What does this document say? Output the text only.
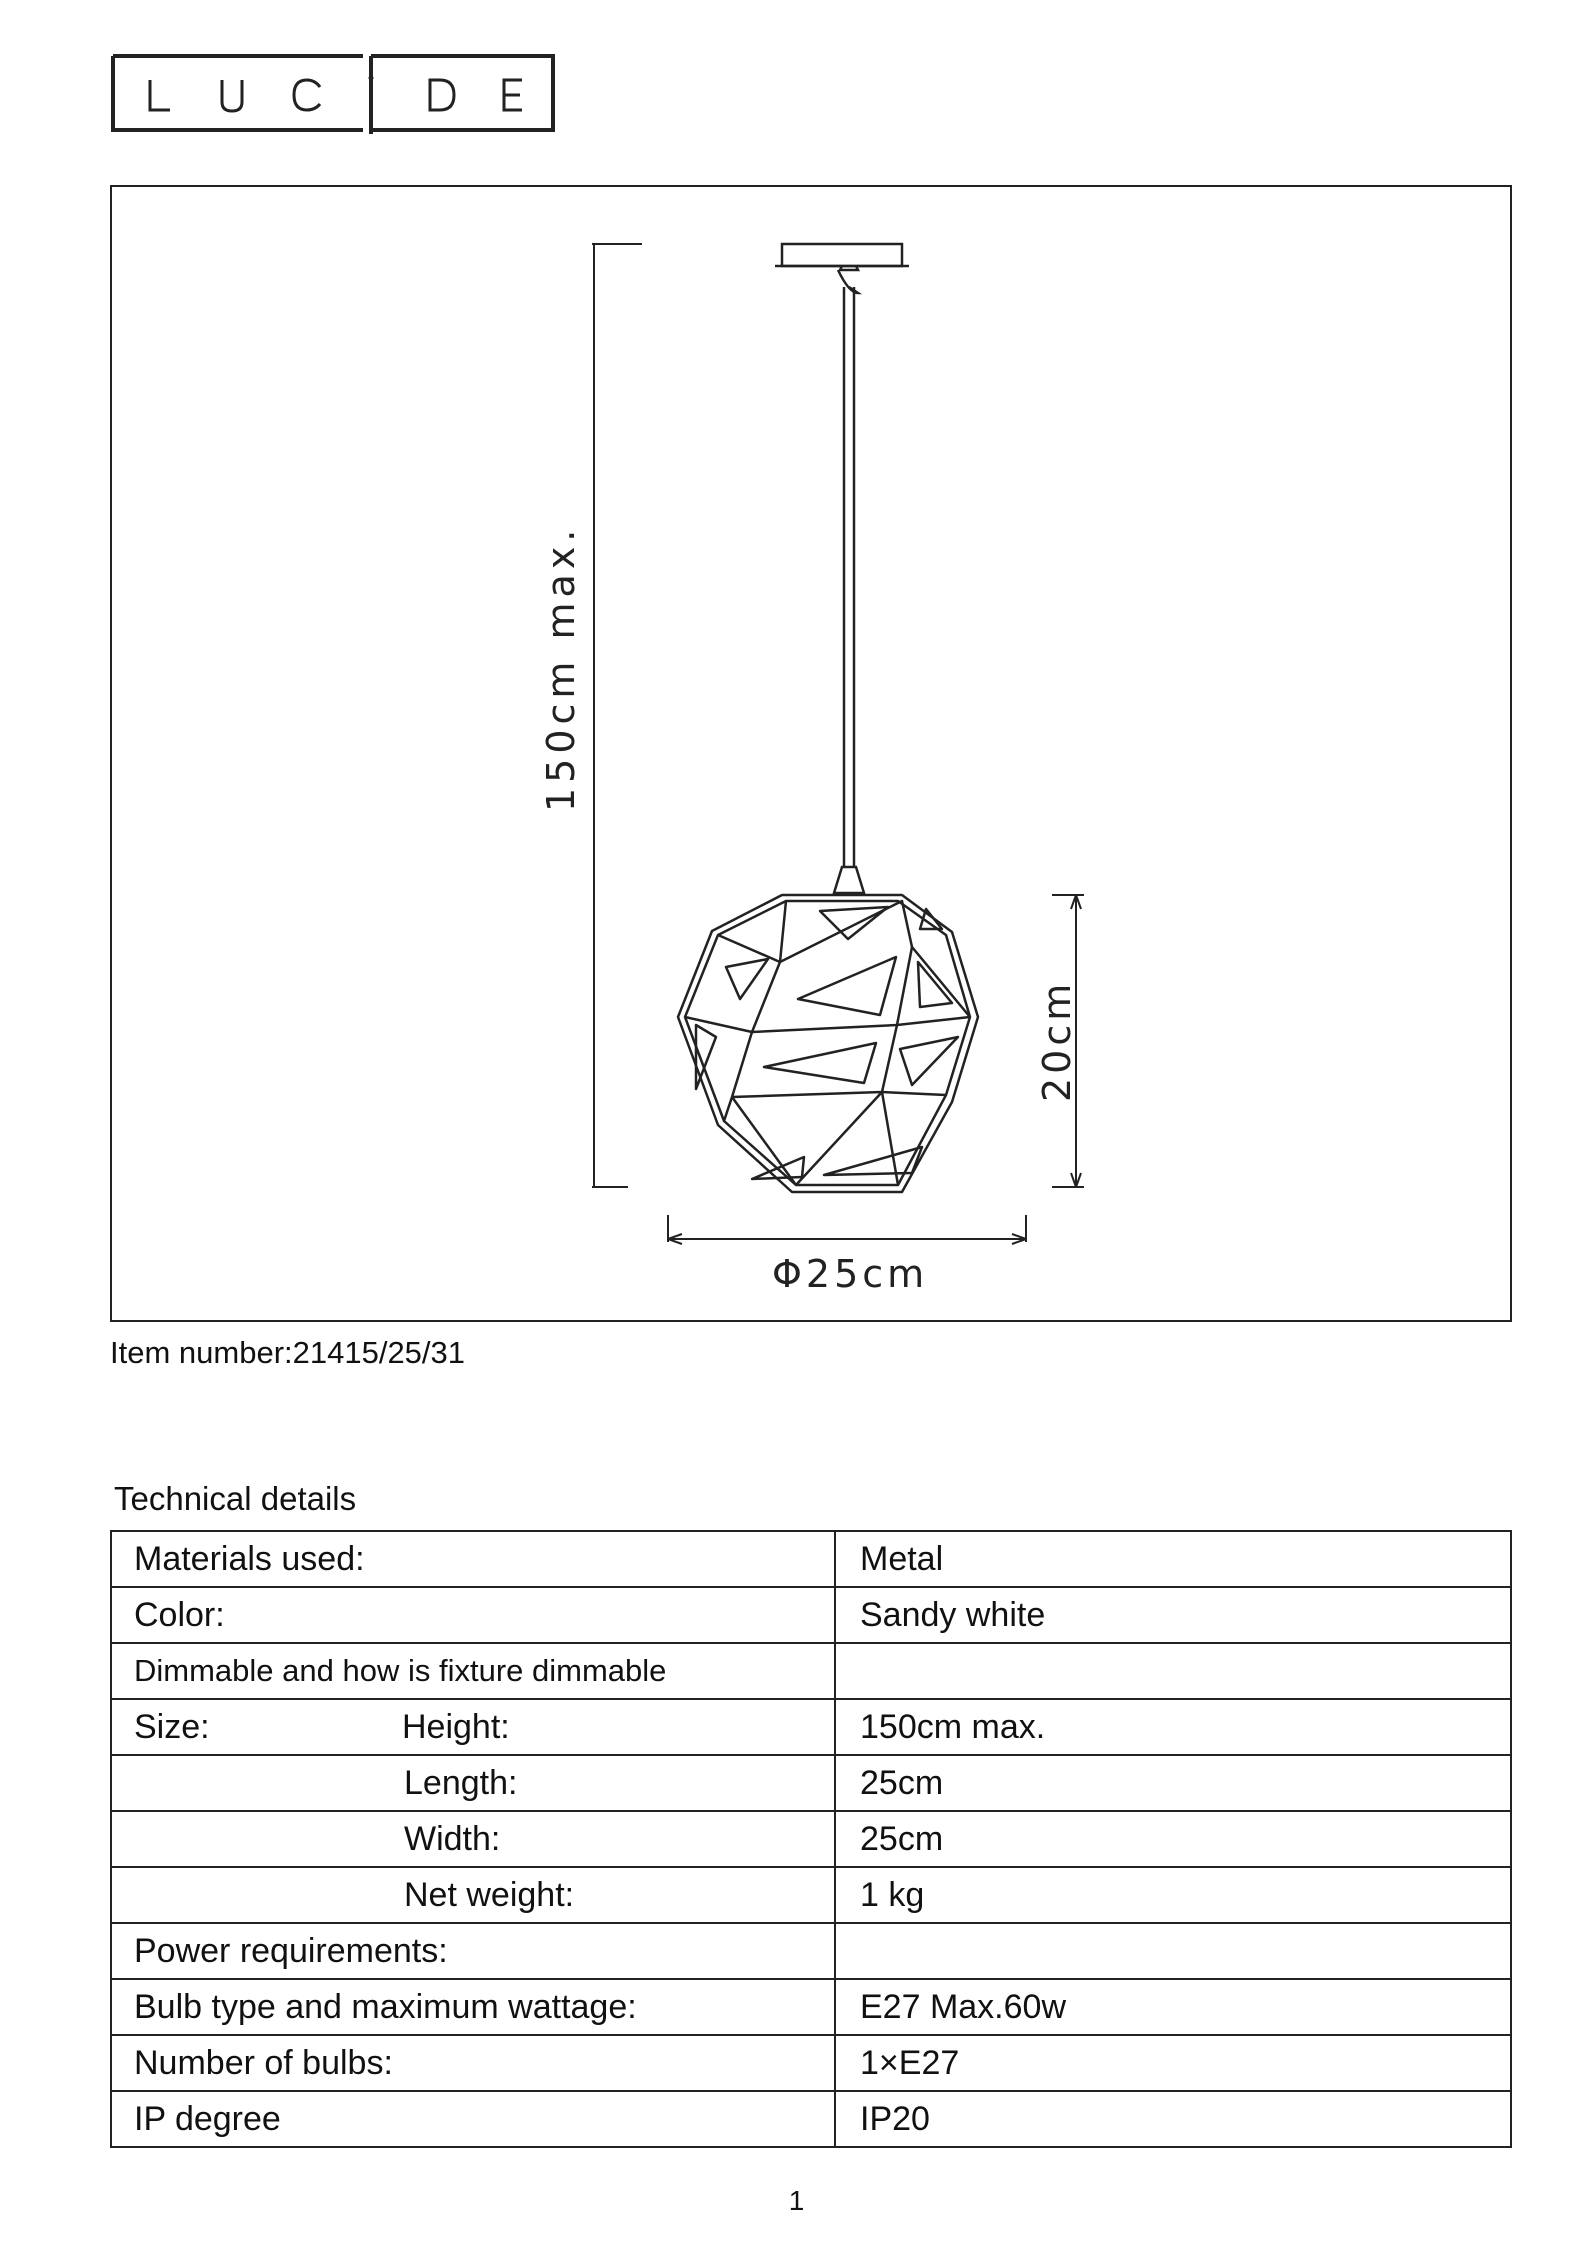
150cm max.
20cm
Φ25cm
Item number:21415/25/31
Technical details
Materials used:	Metal
Color:	Sandy white
Dimmable and how is fixture dimmable	
Size: Height:	150cm max.
Length:	25cm
Width:	25cm
Net weight:	1 kg
Power requirements:	
Bulb type and maximum wattage:	E27 Max.60w
Number of bulbs:	1×E27
IP degree	IP20
1
